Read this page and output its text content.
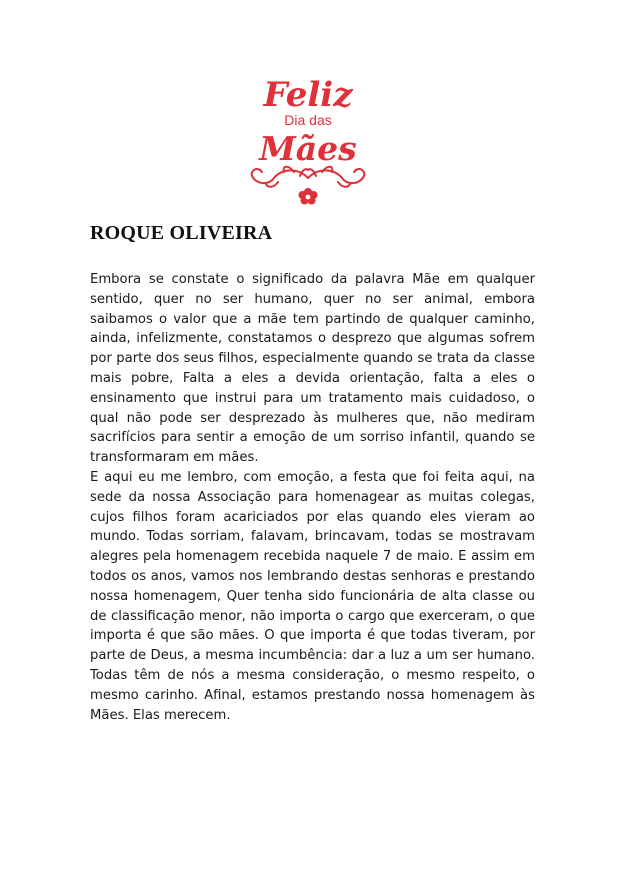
Feliz
Dia das
Mães
ROQUE OLIVEIRA

Embora se constate o significado da palavra Mãe em qualquer sentido, quer no ser humano, quer no ser animal, embora saibamos o valor que a mãe tem partindo de qualquer caminho, ainda, infelizmente, constatamos o desprezo que algumas sofrem por parte dos seus filhos, especialmente quando se trata da classe mais pobre, Falta a eles a devida orientação, falta a eles o ensinamento que instrui para um tratamento mais cuidadoso, o qual não pode ser desprezado às mulheres que, não mediram sacrifícios para sentir a emoção de um sorriso infantil, quando se transformaram em mães.

E aqui eu me lembro, com emoção, a festa que foi feita aqui, na sede da nossa Associação para homenagear as muitas colegas, cujos filhos foram acariciados por elas quando eles vieram ao mundo. Todas sorriam, falavam, brincavam, todas se mostravam alegres pela homenagem recebida naquele 7 de maio. E assim em todos os anos, vamos nos lembrando destas senhoras e prestando nossa homenagem, Quer tenha sido funcionária de alta classe ou de classificação menor, não importa o cargo que exerceram, o que importa é que são mães. O que importa é que todas tiveram, por parte de Deus, a mesma incumbência: dar a luz a um ser humano. Todas têm de nós a mesma consideração, o mesmo respeito, o mesmo carinho. Afinal, estamos prestando nossa homenagem às Mães. Elas merecem.
